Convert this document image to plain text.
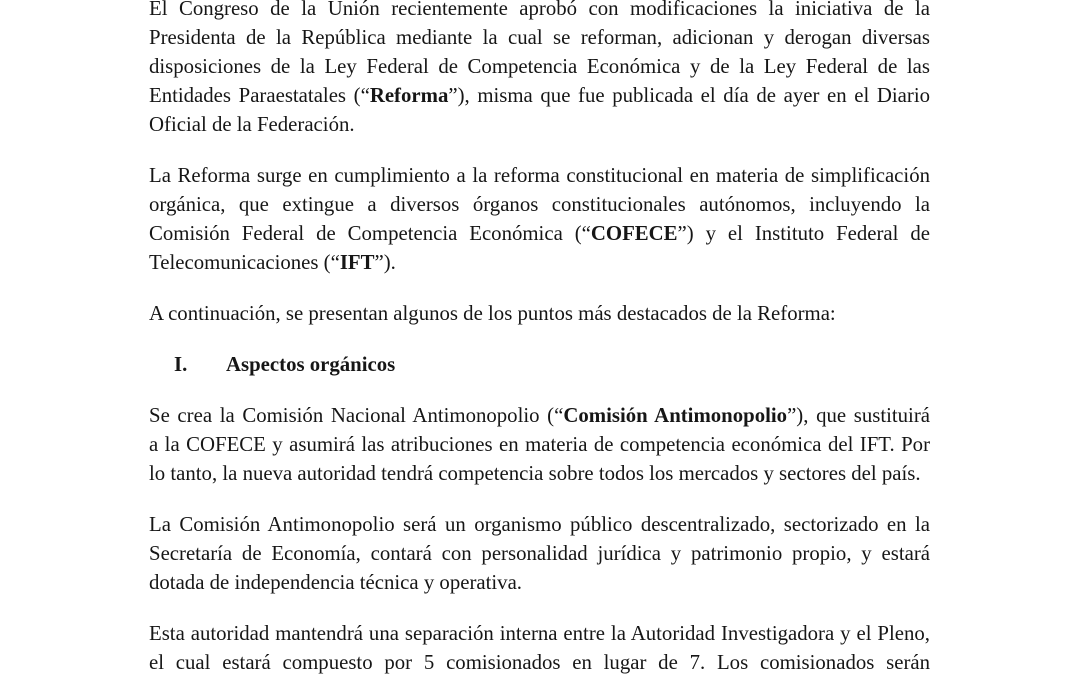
El Congreso de la Unión recientemente aprobó con modificaciones la iniciativa de la
Presidenta de la República mediante la cual se reforman, adicionan y derogan diversas
disposiciones de la Ley Federal de Competencia Económica y de la Ley Federal de las
Entidades Paraestatales (“Reforma”), misma que fue publicada el día de ayer en el Diario
Oficial de la Federación.
La Reforma surge en cumplimiento a la reforma constitucional en materia de simplificación
orgánica, que extingue a diversos órganos constitucionales autónomos, incluyendo la
Comisión Federal de Competencia Económica (“COFECE”) y el Instituto Federal de
Telecomunicaciones (“IFT”).
A continuación, se presentan algunos de los puntos más destacados de la Reforma:
I.	Aspectos orgánicos
Se crea la Comisión Nacional Antimonopolio (“Comisión Antimonopolio”), que sustituirá
a la COFECE y asumirá las atribuciones en materia de competencia económica del IFT. Por
lo tanto, la nueva autoridad tendrá competencia sobre todos los mercados y sectores del país.
La Comisión Antimonopolio será un organismo público descentralizado, sectorizado en la
Secretaría de Economía, contará con personalidad jurídica y patrimonio propio, y estará
dotada de independencia técnica y operativa.
Esta autoridad mantendrá una separación interna entre la Autoridad Investigadora y el Pleno,
el cual estará compuesto por 5 comisionados en lugar de 7. Los comisionados serán
